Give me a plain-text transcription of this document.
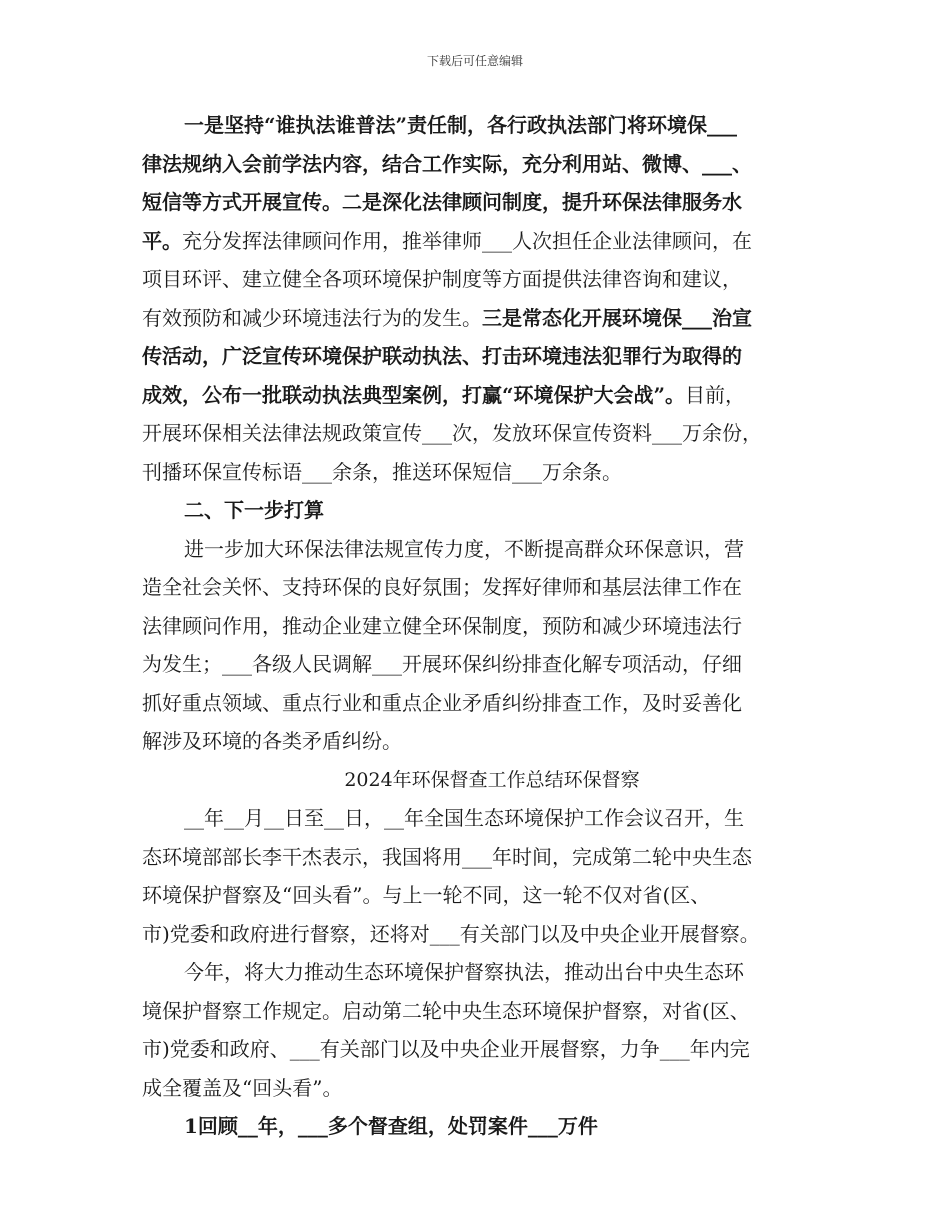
下载后可任意编辑
一是坚持“谁执法谁普法”责任制，各行政执法部门将环境保___
律法规纳入会前学法内容，结合工作实际，充分利用站、微博、___、
短信等方式开展宣传。二是深化法律顾问制度，提升环保法律服务水
平。充分发挥法律顾问作用，推举律师___人次担任企业法律顾问，在
项目环评、建立健全各项环境保护制度等方面提供法律咨询和建议，
有效预防和减少环境违法行为的发生。三是常态化开展环境保___治宣
传活动，广泛宣传环境保护联动执法、打击环境违法犯罪行为取得的
成效，公布一批联动执法典型案例，打赢“环境保护大会战”。目前，
开展环保相关法律法规政策宣传___次，发放环保宣传资料___万余份，
刊播环保宣传标语___余条，推送环保短信___万余条。
二、下一步打算
进一步加大环保法律法规宣传力度，不断提高群众环保意识，营
造全社会关怀、支持环保的良好氛围；发挥好律师和基层法律工作在
法律顾问作用，推动企业建立健全环保制度，预防和减少环境违法行
为发生；___各级人民调解___开展环保纠纷排查化解专项活动，仔细
抓好重点领域、重点行业和重点企业矛盾纠纷排查工作，及时妥善化
解涉及环境的各类矛盾纠纷。
2024年环保督查工作总结环保督察
__年__月__日至__日，__年全国生态环境保护工作会议召开，生
态环境部部长李干杰表示，我国将用___年时间，完成第二轮中央生态
环境保护督察及“回头看”。与上一轮不同，这一轮不仅对省(区、
市)党委和政府进行督察，还将对___有关部门以及中央企业开展督察。
今年，将大力推动生态环境保护督察执法，推动出台中央生态环
境保护督察工作规定。启动第二轮中央生态环境保护督察，对省(区、
市)党委和政府、___有关部门以及中央企业开展督察，力争___年内完
成全覆盖及“回头看”。
1回顾__年，___多个督查组，处罚案件___万件
